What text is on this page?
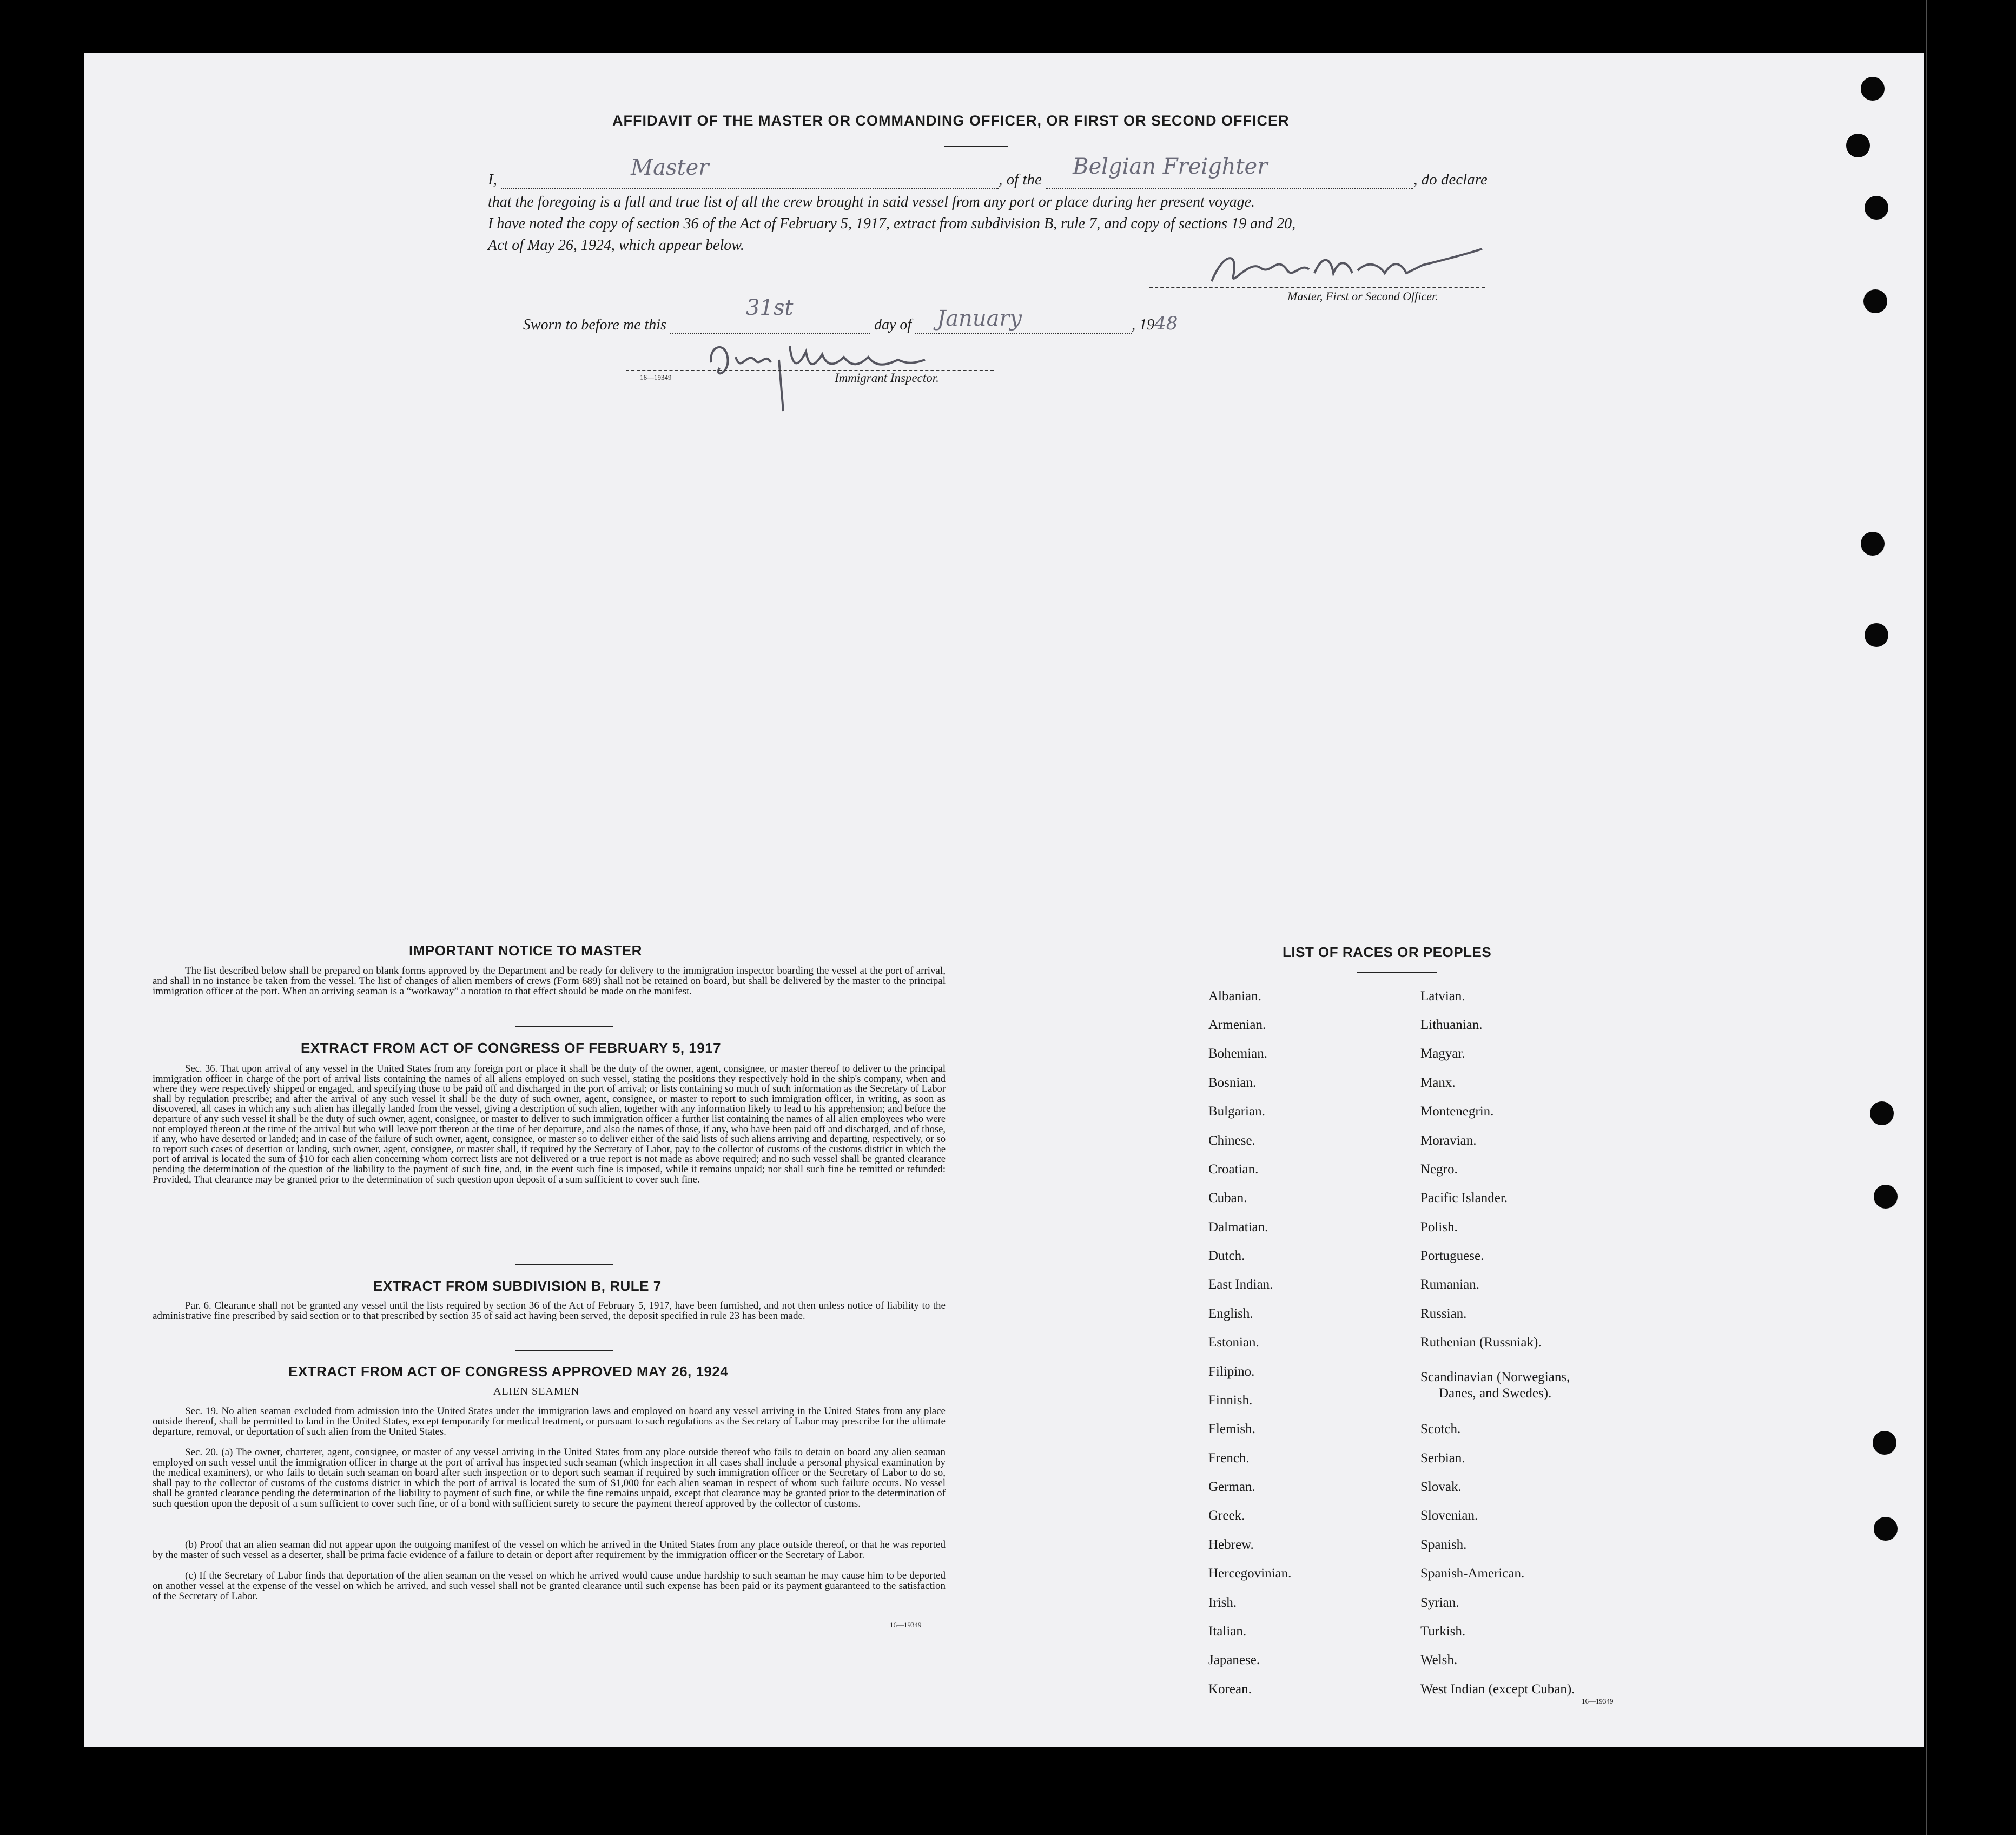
AFFIDAVIT OF THE MASTER OR COMMANDING OFFICER, OR FIRST OR SECOND OFFICER
I,	Master	, of the
Belgian Freighter
, do declare
that the foregoing is a full and true list of all the crew brought in said vessel from any port or place during her present voyage.
I have noted the copy of section 36 of the Act of February 5, 1917, extract from subdivision B, rule 7, and copy of sections 19 and 20,
Act of May 26, 1924, which appear below.
Master, First or Second Officer.
Sworn to before me this
31st
day of January	, 1948
16—19349	Immigrant Inspector.
IMPORTANT NOTICE TO MASTER

The list described below shall be prepared on blank forms approved by the Department and be ready for delivery to the immigration inspector boarding the vessel at the port of arrival, and shall in no instance be taken from the vessel. The list of changes of alien members of crews (Form 689) shall not be retained on board, but shall be delivered by the master to the principal immigration officer at the port. When an arriving seaman is a “workaway” a notation to that effect should be made on the manifest.

EXTRACT FROM ACT OF CONGRESS OF FEBRUARY 5, 1917

Sec. 36. That upon arrival of any vessel in the United States from any foreign port or place it shall be the duty of the owner, agent, consignee, or master thereof to deliver to the principal immigration officer in charge of the port of arrival lists containing the names of all aliens employed on such vessel, stating the positions they respectively hold in the ship's company, when and where they were respectively shipped or engaged, and specifying those to be paid off and discharged in the port of arrival; or lists containing so much of such information as the Secretary of Labor shall by regulation prescribe; and after the arrival of any such vessel it shall be the duty of such owner, agent, consignee, or master to report to such immigration officer, in writing, as soon as discovered, all cases in which any such alien has illegally landed from the vessel, giving a description of such alien, together with any information likely to lead to his apprehension; and before the departure of any such vessel it shall be the duty of such owner, agent, consignee, or master to deliver to such immigration officer a further list containing the names of all alien employees who were not employed thereon at the time of the arrival but who will leave port thereon at the time of her departure, and also the names of those, if any, who have been paid off and discharged, and of those, if any, who have deserted or landed; and in case of the failure of such owner, agent, consignee, or master so to deliver either of the said lists of such aliens arriving and departing, respectively, or so to report such cases of desertion or landing, such owner, agent, consignee, or master shall, if required by the Secretary of Labor, pay to the collector of customs of the customs district in which the port of arrival is located the sum of $10 for each alien concerning whom correct lists are not delivered or a true report is not made as above required; and no such vessel shall be granted clearance pending the determination of the question of the liability to the payment of such fine, and, in the event such fine is imposed, while it remains unpaid; nor shall such fine be remitted or refunded: Provided, That clearance may be granted prior to the determination of such question upon deposit of a sum sufficient to cover such fine.

EXTRACT FROM SUBDIVISION B, RULE 7

Par. 6. Clearance shall not be granted any vessel until the lists required by section 36 of the Act of February 5, 1917, have been furnished, and not then unless notice of liability to the administrative fine prescribed by said section or to that prescribed by section 35 of said act having been served, the deposit specified in rule 23 has been made.

EXTRACT FROM ACT OF CONGRESS APPROVED MAY 26, 1924
ALIEN SEAMEN

Sec. 19. No alien seaman excluded from admission into the United States under the immigration laws and employed on board any vessel arriving in the United States from any place outside thereof, shall be permitted to land in the United States, except temporarily for medical treatment, or pursuant to such regulations as the Secretary of Labor may prescribe for the ultimate departure, removal, or deportation of such alien from the United States.

Sec. 20. (a) The owner, charterer, agent, consignee, or master of any vessel arriving in the United States from any place outside thereof who fails to detain on board any alien seaman employed on such vessel until the immigration officer in charge at the port of arrival has inspected such seaman (which inspection in all cases shall include a personal physical examination by the medical examiners), or who fails to detain such seaman on board after such inspection or to deport such seaman if required by such immigration officer or the Secretary of Labor to do so, shall pay to the collector of customs of the customs district in which the port of arrival is located the sum of $1,000 for each alien seaman in respect of whom such failure occurs. No vessel shall be granted clearance pending the determination of the liability to payment of such fine, or while the fine remains unpaid, except that clearance may be granted prior to the determination of such question upon the deposit of a sum sufficient to cover such fine, or of a bond with sufficient surety to secure the payment thereof approved by the collector of customs.

(b) Proof that an alien seaman did not appear upon the outgoing manifest of the vessel on which he arrived in the United States from any place outside thereof, or that he was reported by the master of such vessel as a deserter, shall be prima facie evidence of a failure to detain or deport after requirement by the immigration officer or the Secretary of Labor.

(c) If the Secretary of Labor finds that deportation of the alien seaman on the vessel on which he arrived would cause undue hardship to such seaman he may cause him to be deported on another vessel at the expense of the vessel on which he arrived, and such vessel shall not be granted clearance until such expense has been paid or its payment guaranteed to the satisfaction of the Secretary of Labor.

16—19349
LIST OF RACES OR PEOPLES
Albanian.
Armenian.
Bohemian.
Bosnian.
Bulgarian.
Chinese.
Croatian.
Cuban.
Dalmatian.
Dutch.
East Indian.
English.
Estonian.
Filipino.
Finnish.
Flemish.
French.
German.
Greek.
Hebrew.
Hercegovinian.
Irish.
Italian.
Japanese.
Korean.
Latvian.
Lithuanian.
Magyar.
Manx.
Montenegrin.
Moravian.
Negro.
Pacific Islander.
Polish.
Portuguese.
Rumanian.
Russian.
Ruthenian (Russniak).
Scandinavian (Norwegians,
Danes, and Swedes).
Scotch.
Serbian.
Slovak.
Slovenian.
Spanish.
Spanish-American.
Syrian.
Turkish.
Welsh.
West Indian (except Cuban).
16—19349
